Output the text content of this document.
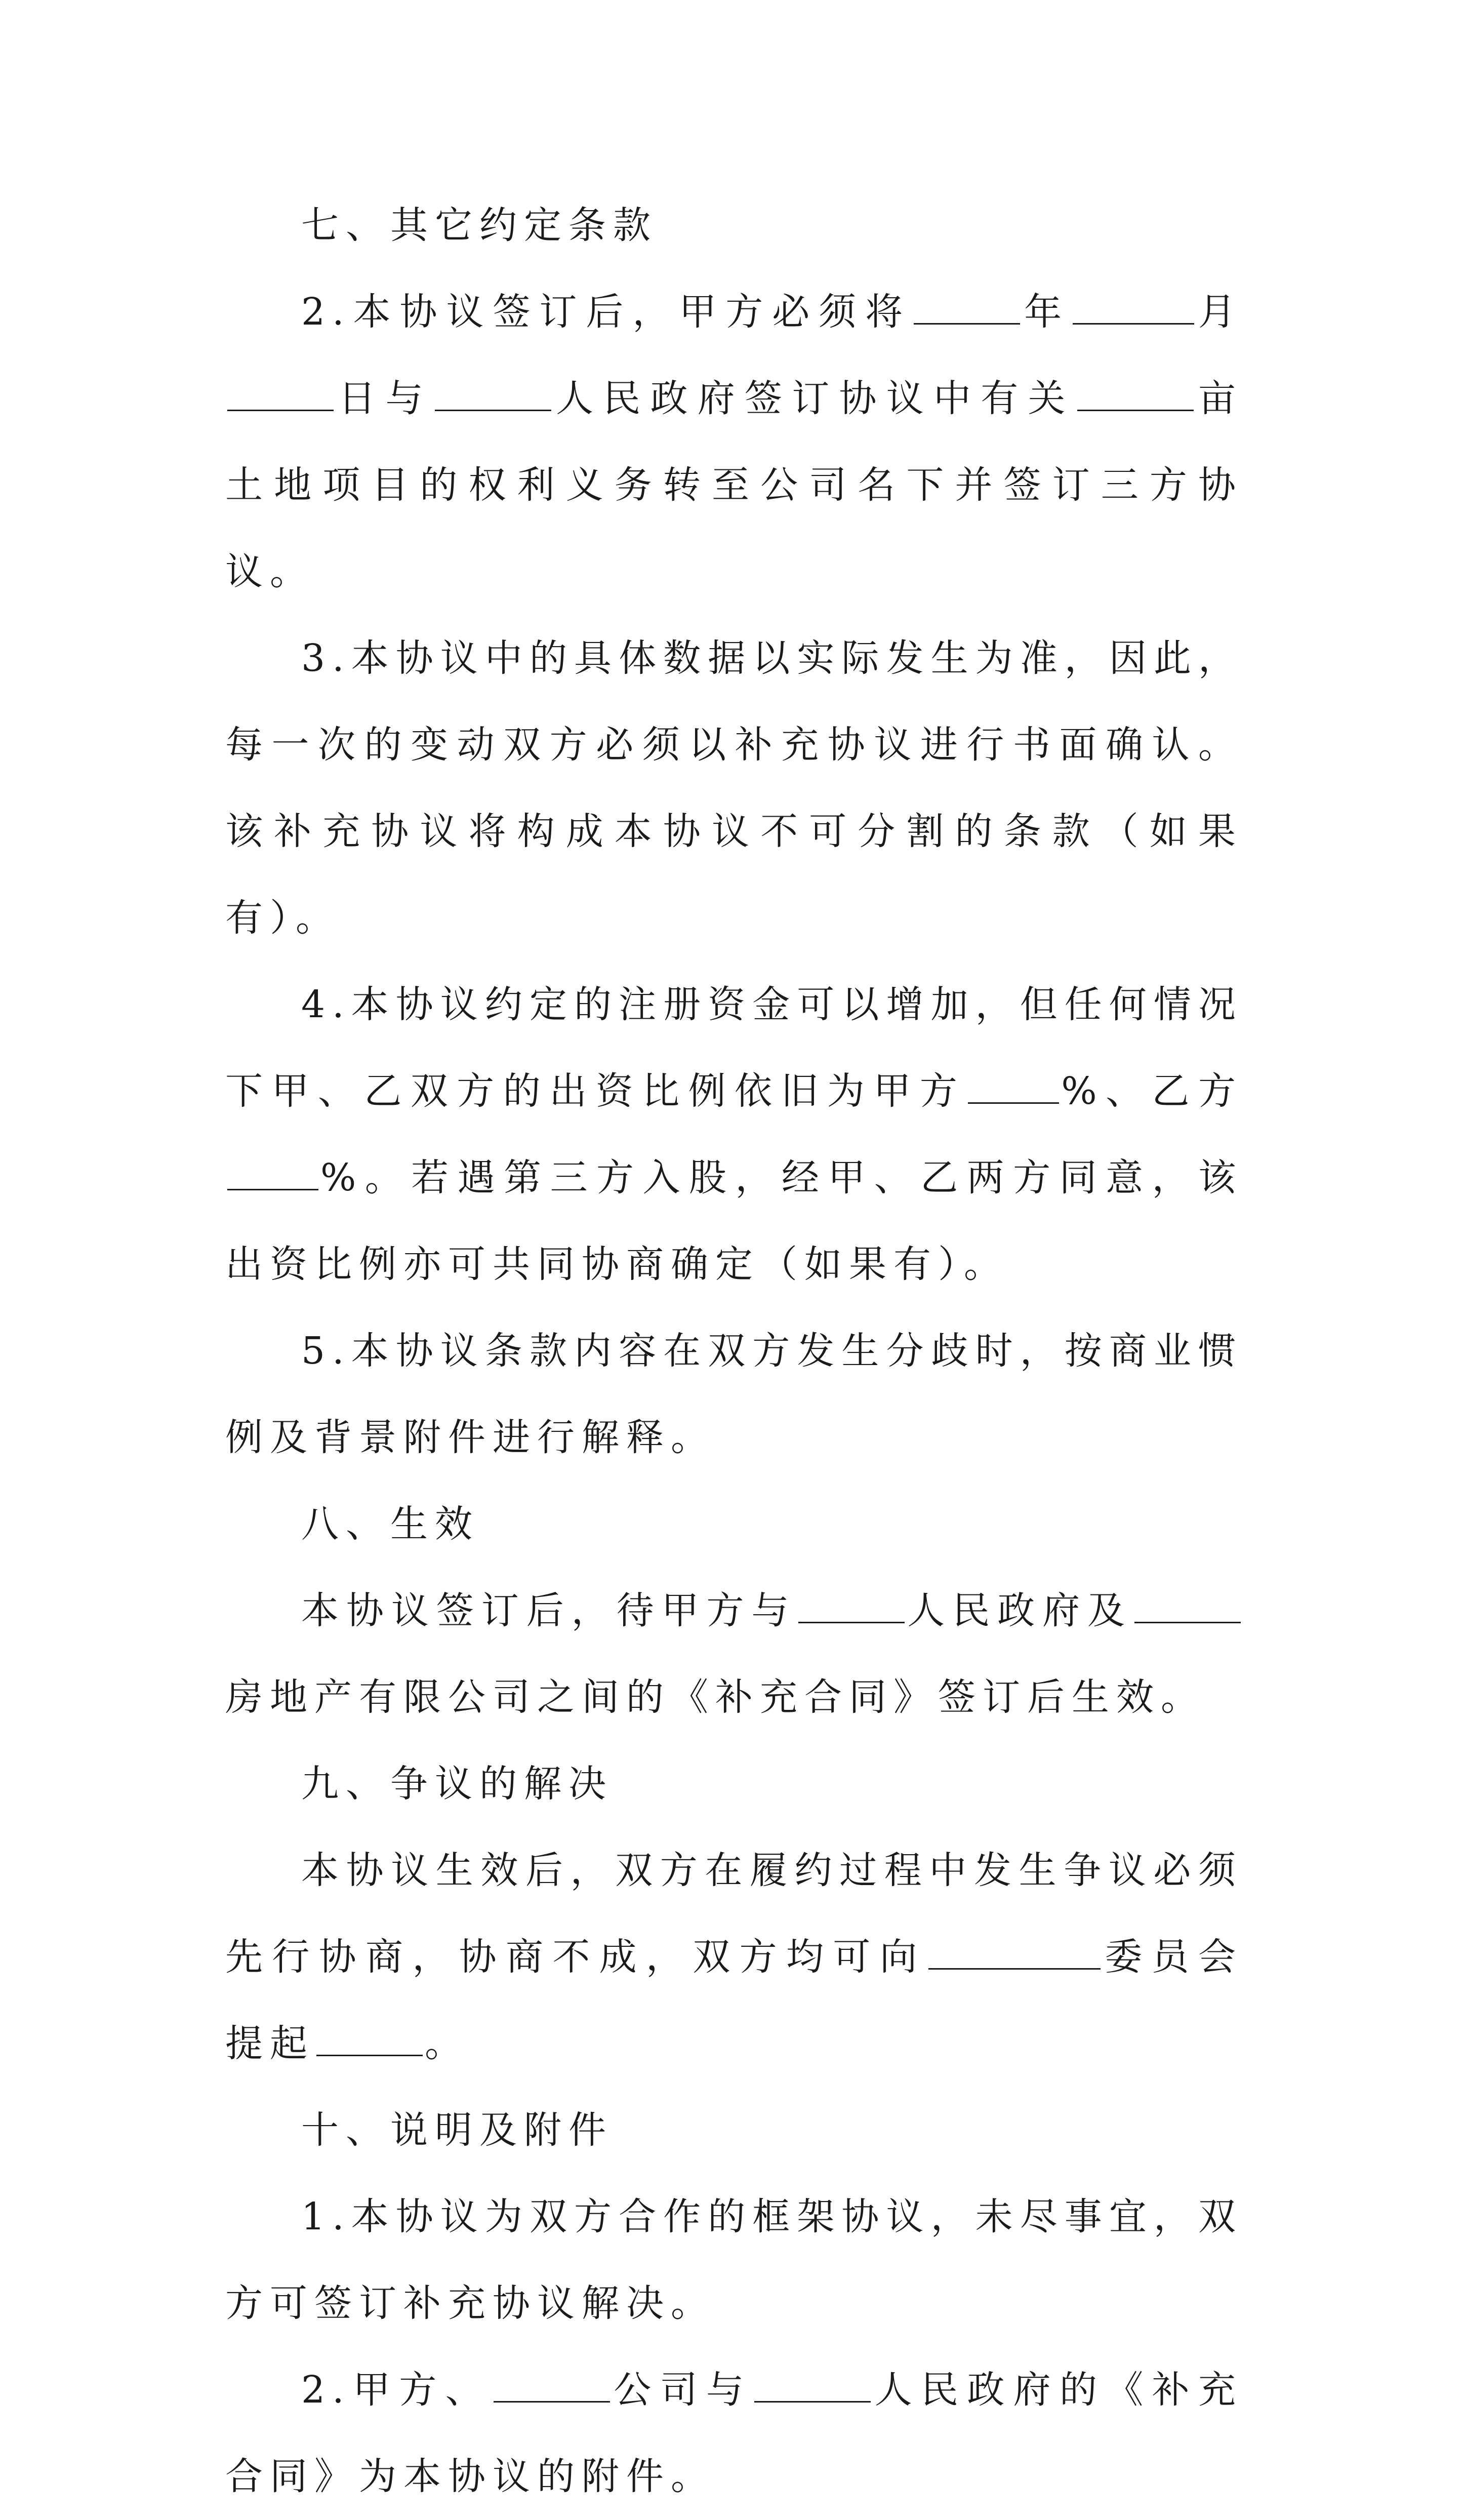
七、其它约定条款

2.本协议签订后，甲方必须将	年	月日与	人民政府签订协议中有关	亩土地项目的权利义务转至公司名下并签订三方协议。

3.本协议中的具体数据以实际发生为准，因此，每一次的变动双方必须以补充协议进行书面确认。该补充协议将构成本协议不可分割的条款（如果有）。

4.本协议约定的注册资金可以增加，但任何情况下甲、乙双方的出资比例依旧为甲方	%、乙方%。若遇第三方入股，经甲、乙两方同意，该出资比例亦可共同协商确定（如果有）。

5.本协议条款内容在双方发生分歧时，按商业惯例及背景附件进行解释。

八、生效

本协议签订后，待甲方与	人民政府及房地产有限公司之间的《补充合同》签订后生效。

九、争议的解决

本协议生效后，双方在履约过程中发生争议必须先行协商，协商不成，双方均可向	委员会提起	。

十、说明及附件

1.本协议为双方合作的框架协议，未尽事宜，双方可签订补充协议解决。

2.甲方、	公司与	人民政府的《补充合同》为本协议的附件。
